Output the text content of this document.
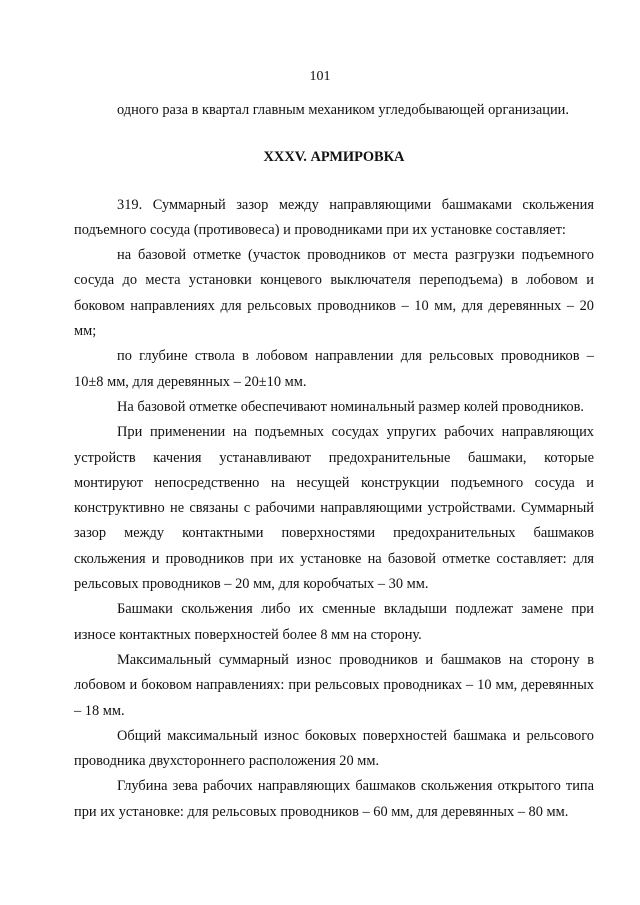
101

одного раза в квартал главным механиком угледобывающей организации.

XXXV. АРМИРОВКА

319. Суммарный зазор между направляющими башмаками скольжения подъемного сосуда (противовеса) и проводниками при их установке составляет:

на базовой отметке (участок проводников от места разгрузки подъемного сосуда до места установки концевого выключателя переподъема) в лобовом и боковом направлениях для рельсовых проводников – 10 мм, для деревянных – 20 мм;

по глубине ствола в лобовом направлении для рельсовых проводников – 10±8 мм, для деревянных – 20±10 мм.

На базовой отметке обеспечивают номинальный размер колей проводников.

При применении на подъемных сосудах упругих рабочих направляющих устройств качения устанавливают предохранительные башмаки, которые монтируют непосредственно на несущей конструкции подъемного сосуда и конструктивно не связаны с рабочими направляющими устройствами. Суммарный зазор между контактными поверхностями предохранительных башмаков скольжения и проводников при их установке на базовой отметке составляет: для рельсовых проводников – 20 мм, для коробчатых – 30 мм.

Башмаки скольжения либо их сменные вкладыши подлежат замене при износе контактных поверхностей более 8 мм на сторону.

Максимальный суммарный износ проводников и башмаков на сторону в лобовом и боковом направлениях: при рельсовых проводниках – 10 мм, деревянных – 18 мм.

Общий максимальный износ боковых поверхностей башмака и рельсового проводника двухстороннего расположения 20 мм.

Глубина зева рабочих направляющих башмаков скольжения открытого типа при их установке: для рельсовых проводников – 60 мм, для деревянных – 80 мм.
